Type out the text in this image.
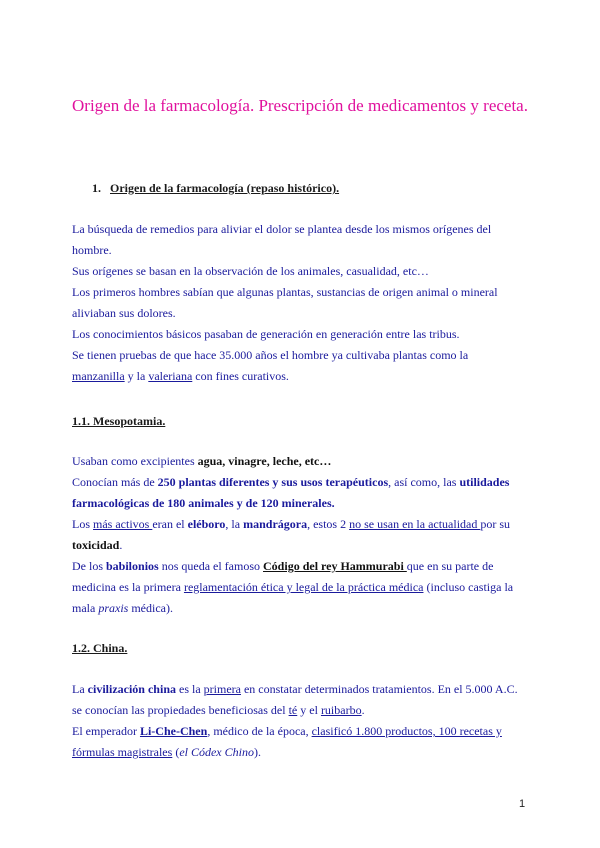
Origen de la farmacología. Prescripción de medicamentos y receta.
1. Origen de la farmacología (repaso histórico).

La búsqueda de remedios para aliviar el dolor se plantea desde los mismos orígenes del hombre.

Sus orígenes se basan en la observación de los animales, casualidad, etc…

Los primeros hombres sabían que algunas plantas, sustancias de origen animal o mineral aliviaban sus dolores.

Los conocimientos básicos pasaban de generación en generación entre las tribus.

Se tienen pruebas de que hace 35.000 años el hombre ya cultivaba plantas como la
manzanilla y la valeriana con fines curativos.

1.1. Mesopotamia.

Usaban como excipientes agua, vinagre, leche, etc…

Conocían más de 250 plantas diferentes y sus usos terapéuticos, así como, las utilidades farmacológicas de 180 animales y de 120 minerales.

Los más activos eran el eléboro, la mandrágora, estos 2 no se usan en la actualidad por su toxicidad.

De los babilonios nos queda el famoso Código del rey Hammurabi que en su parte de medicina es la primera reglamentación ética y legal de la práctica médica (incluso castiga la mala praxis médica).

1.2. China.

La civilización china es la primera en constatar determinados tratamientos. En el 5.000 A.C. se conocían las propiedades beneficiosas del té y el ruibarbo.

El emperador Li-Che-Chen, médico de la época, clasificó 1.800 productos, 100 recetas y fórmulas magistrales (el Códex Chino).

1
